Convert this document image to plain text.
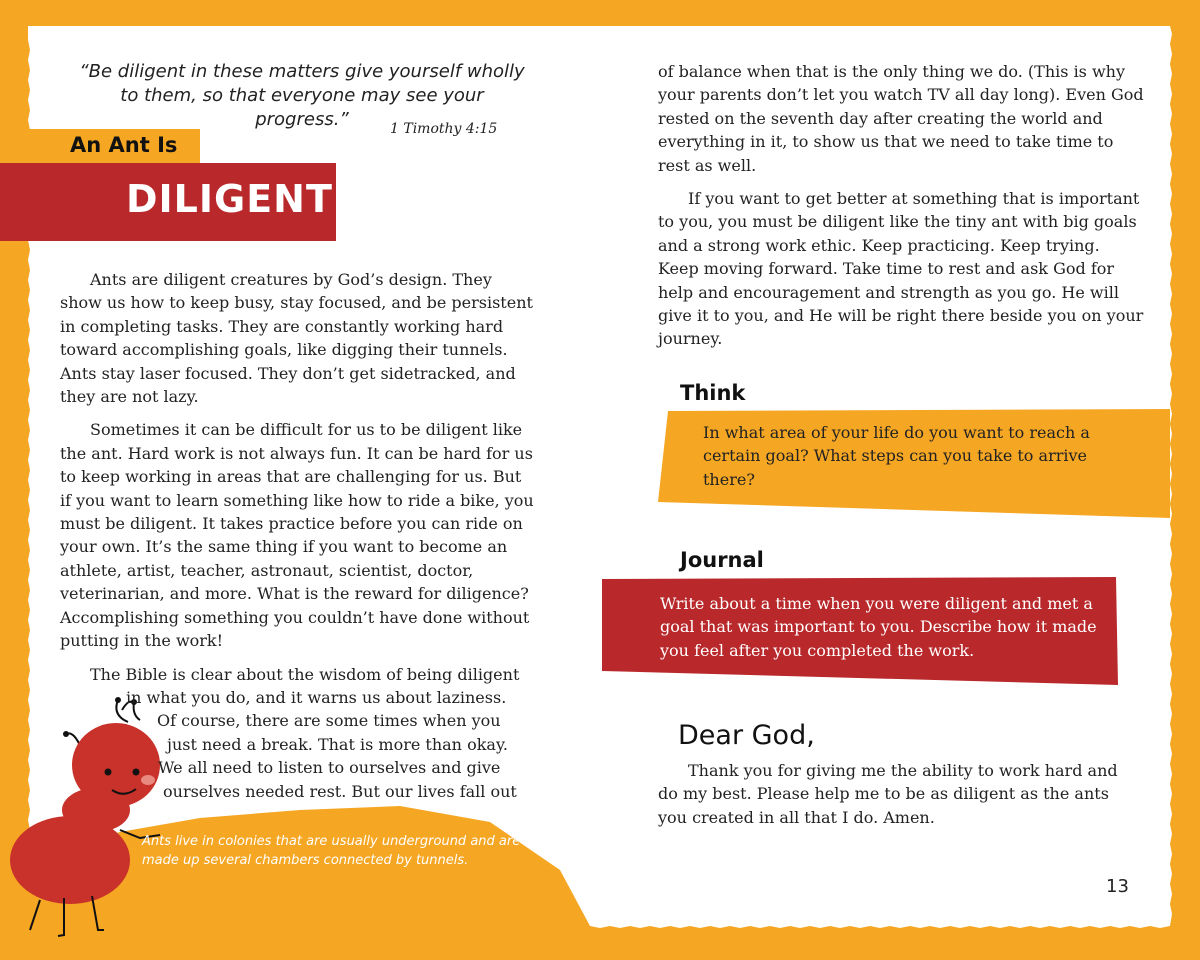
“Be diligent in these matters give yourself wholly to them, so that everyone may see your progress.”	1 Timothy 4:15
An Ant Is
DILIGENT

Ants are diligent creatures by God’s design. They show us how to keep busy, stay focused, and be persistent in completing tasks. They are constantly working hard toward accomplishing goals, like digging their tunnels. Ants stay laser focused. They don’t get sidetracked, and they are not lazy.

Sometimes it can be difficult for us to be diligent like the ant. Hard work is not always fun. It can be hard for us to keep working in areas that are challenging for us. But if you want to learn something like how to ride a bike, you must be diligent. It takes practice before you can ride on your own. It’s the same thing if you want to become an athlete, artist, teacher, astronaut, scientist, doctor, veterinarian, and more. What is the reward for diligence? Accomplishing something you couldn’t have done without putting in the work!

The Bible is clear about the wisdom of being diligent
in what you do, and it warns us about laziness.
Of course, there are some times when you
just need a break. That is more than okay.
We all need to listen to ourselves and give
ourselves needed rest. But our lives fall out

of balance when that is the only thing we do. (This is why your parents don’t let you watch TV all day long). Even God rested on the seventh day after creating the world and everything in it, to show us that we need to take time to rest as well.

If you want to get better at something that is important to you, you must be diligent like the tiny ant with big goals and a strong work ethic. Keep practicing. Keep trying. Keep moving forward. Take time to rest and ask God for help and encouragement and strength as you go. He will give it to you, and He will be right there beside you on your journey.

Think
In what area of your life do you want to reach a certain goal? What steps can you take to arrive there?
Journal
Write about a time when you were diligent and met a goal that was important to you. Describe how it made you feel after you completed the work.
Dear God,
Thank you for giving me the ability to work hard and do my best. Please help me to be as diligent as the ants you created in all that I do. Amen.
Ants live in colonies that are usually underground and are made up several chambers connected by tunnels.
13
